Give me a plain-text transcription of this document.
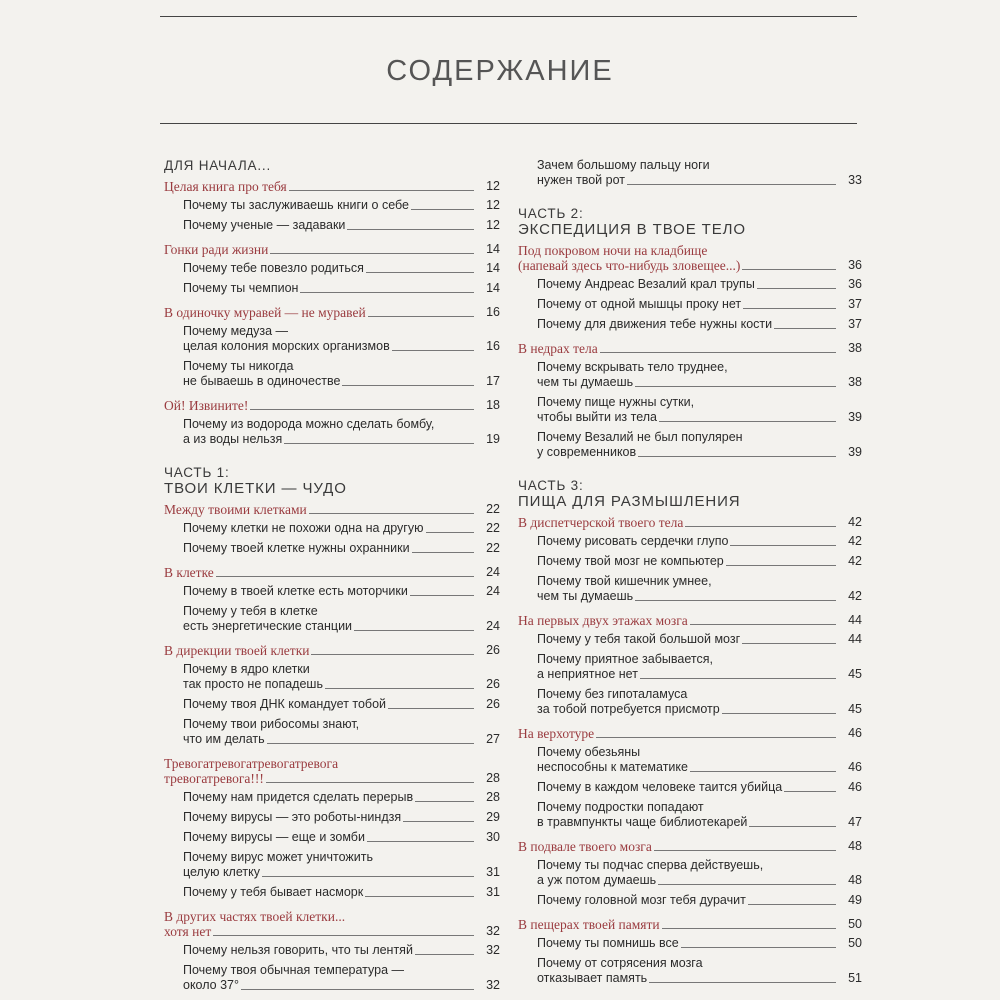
СОДЕРЖАНИЕ
ДЛЯ НАЧАЛА...
Целая книга про тебя	12
Почему ты заслуживаешь книги о себе	12
Почему ученые — задаваки	12
Гонки ради жизни	14
Почему тебе повезло родиться	14
Почему ты чемпион	14
В одиночку муравей — не муравей	16
Почему медуза —
целая колония морских организмов	16
Почему ты никогда
не бываешь в одиночестве	17
Ой! Извините!	18
Почему из водорода можно сделать бомбу,
а из воды нельзя	19
ЧАСТЬ 1:
ТВОИ КЛЕТКИ — ЧУДО
Между твоими клетками	22
Почему клетки не похожи одна на другую	22
Почему твоей клетке нужны охранники	22
В клетке	24
Почему в твоей клетке есть моторчики	24
Почему у тебя в клетке
есть энергетические станции	24
В дирекции твоей клетки	26
Почему в ядро клетки
так просто не попадешь	26
Почему твоя ДНК командует тобой	26
Почему твои рибосомы знают,
что им делать	27
Тревогатревогатревогатревога
тревогатревога!!!	28
Почему нам придется сделать перерыв	28
Почему вирусы — это роботы-ниндзя	29
Почему вирусы — еще и зомби	30
Почему вирус может уничтожить
целую клетку	31
Почему у тебя бывает насморк	31
В других частях твоей клетки...
хотя нет	32
Почему нельзя говорить, что ты лентяй	32
Почему твоя обычная температура —
около 37°	32
Зачем большому пальцу ноги
нужен твой рот	33
ЧАСТЬ 2:
ЭКСПЕДИЦИЯ В ТВОЕ ТЕЛО
Под покровом ночи на кладбище
(напевай здесь что-нибудь зловещее...)	36
Почему Андреас Везалий крал трупы	36
Почему от одной мышцы проку нет	37
Почему для движения тебе нужны кости	37
В недрах тела	38
Почему вскрывать тело труднее,
чем ты думаешь	38
Почему пище нужны сутки,
чтобы выйти из тела	39
Почему Везалий не был популярен
у современников	39
ЧАСТЬ 3:
ПИЩА ДЛЯ РАЗМЫШЛЕНИЯ
В диспетчерской твоего тела	42
Почему рисовать сердечки глупо	42
Почему твой мозг не компьютер	42
Почему твой кишечник умнее,
чем ты думаешь	42
На первых двух этажах мозга	44
Почему у тебя такой большой мозг	44
Почему приятное забывается,
а неприятное нет	45
Почему без гипоталамуса
за тобой потребуется присмотр	45
На верхотуре	46
Почему обезьяны
неспособны к математике	46
Почему в каждом человеке таится убийца	46
Почему подростки попадают
в травмпункты чаще библиотекарей	47
В подвале твоего мозга	48
Почему ты подчас сперва действуешь,
а уж потом думаешь	48
Почему головной мозг тебя дурачит	49
В пещерах твоей памяти	50
Почему ты помнишь все	50
Почему от сотрясения мозга
отказывает память	51
